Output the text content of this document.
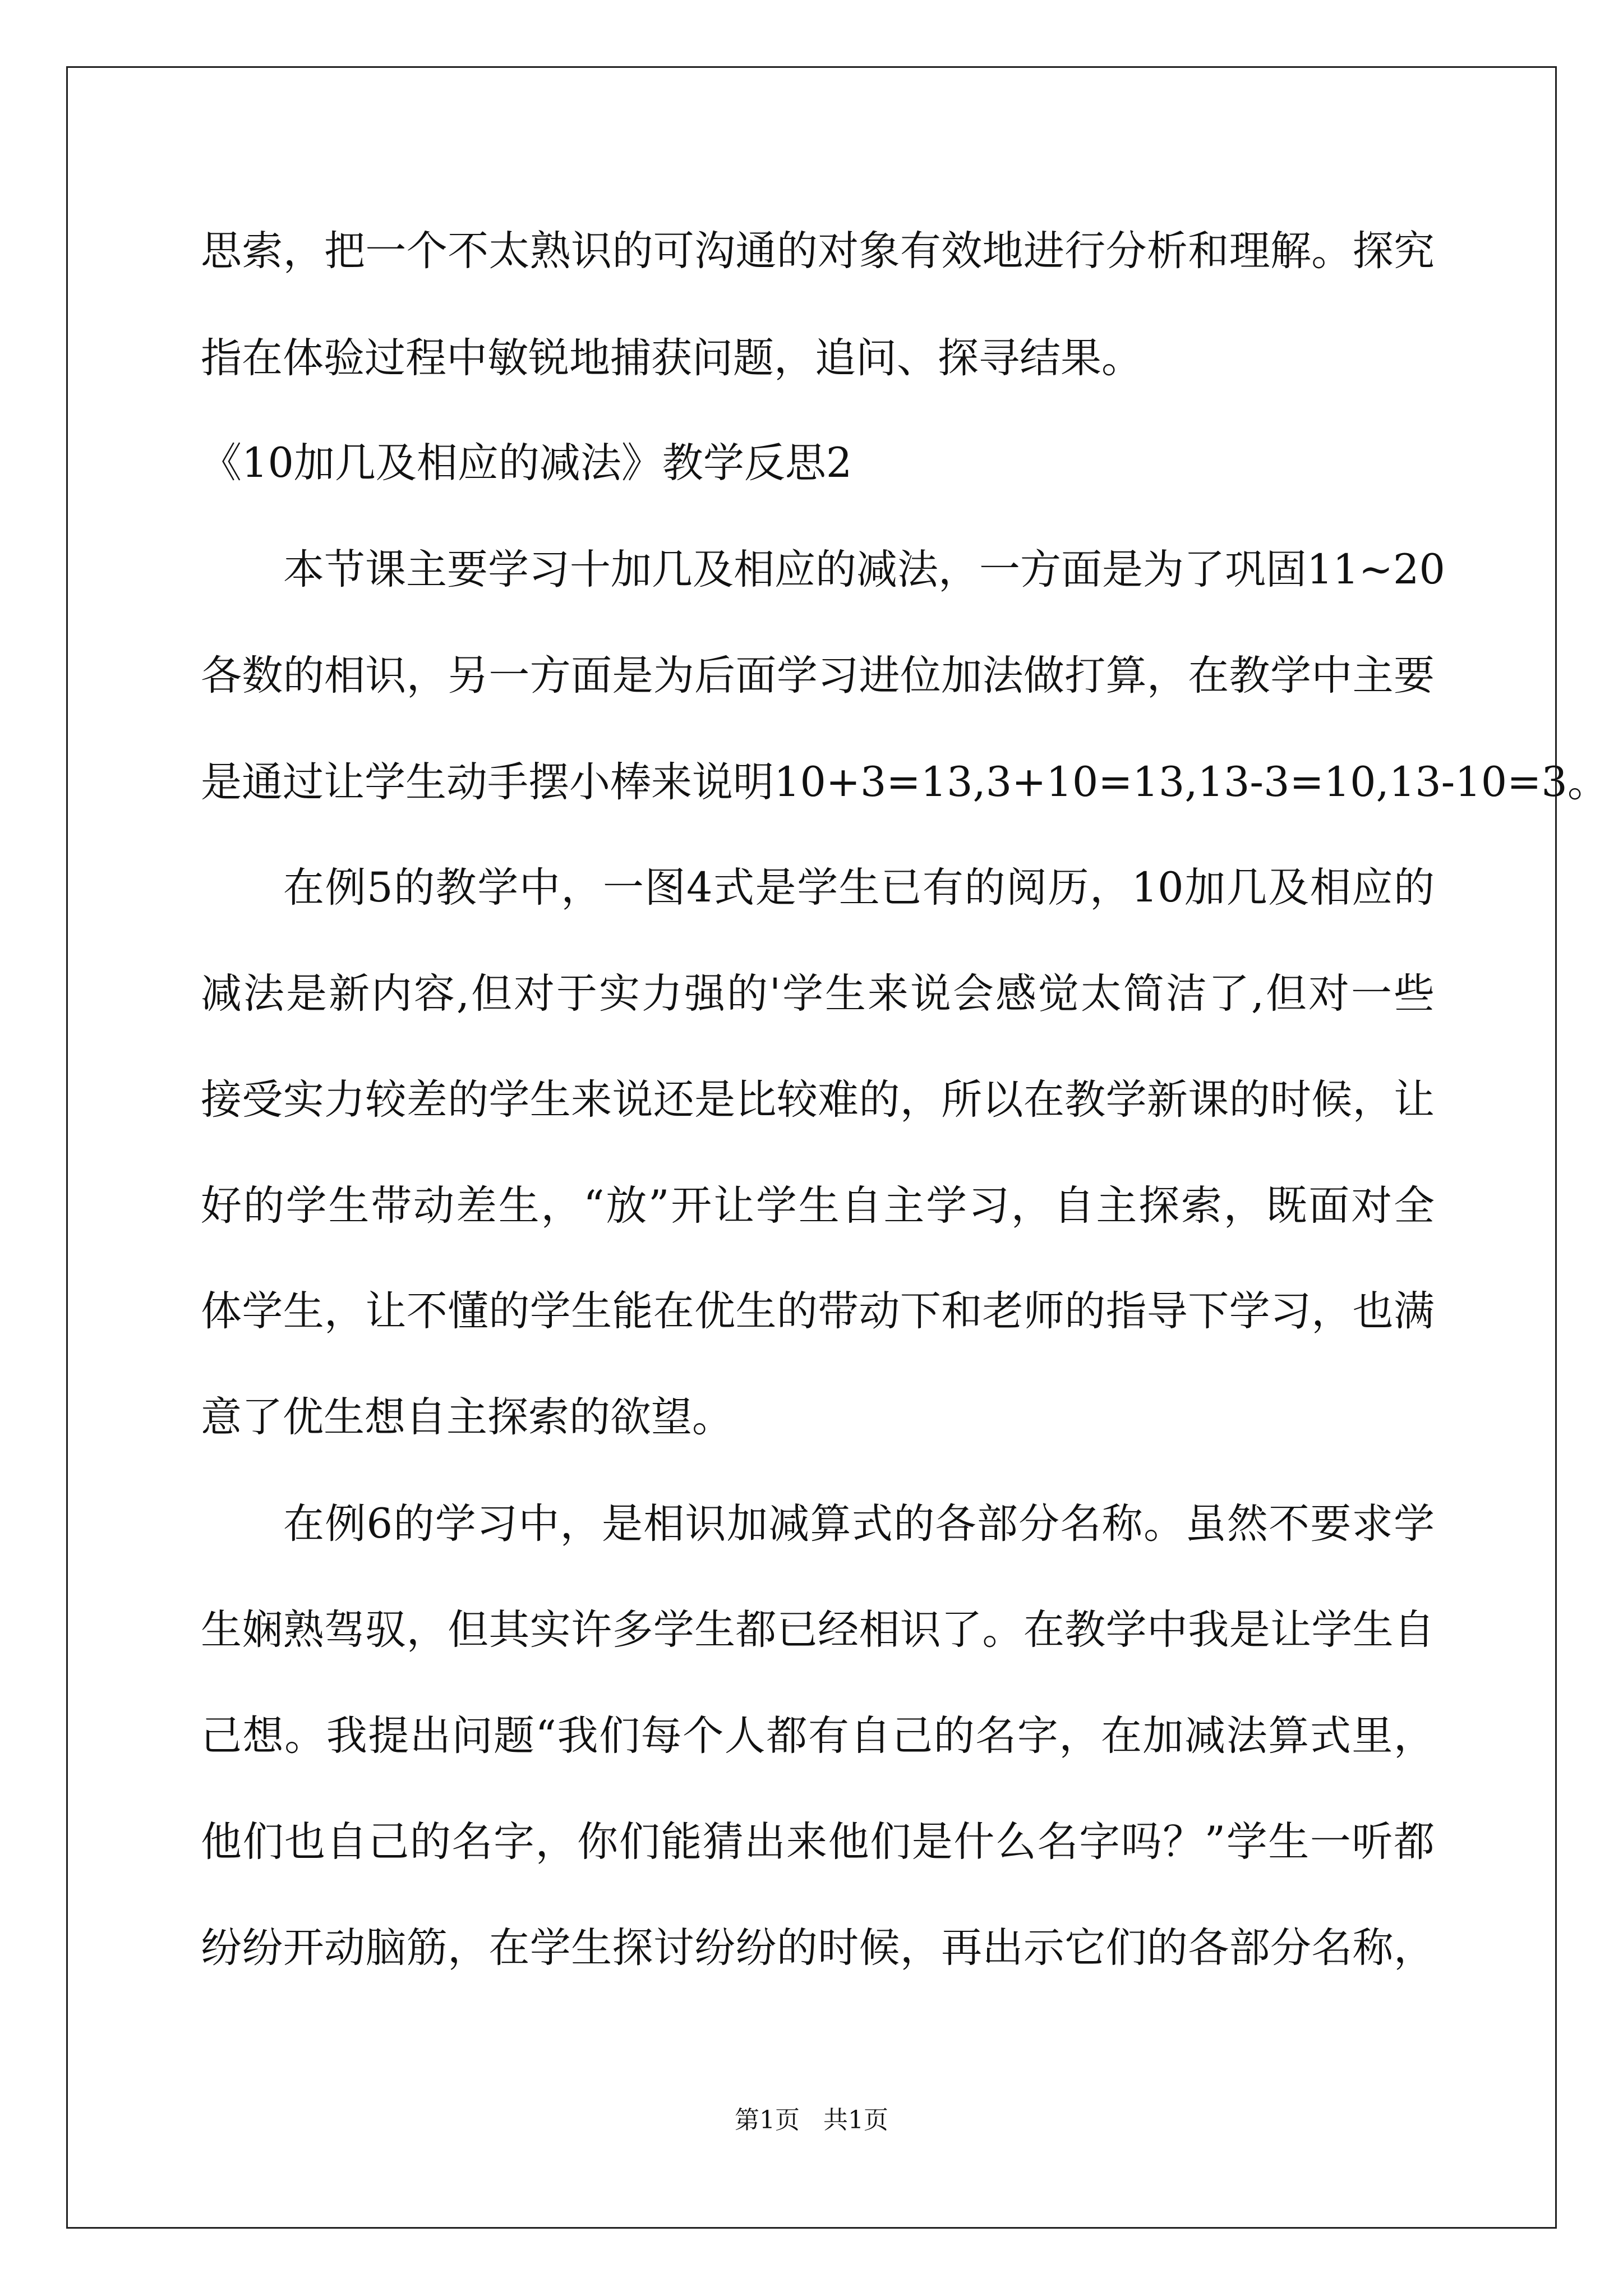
思索，把一个不太熟识的可沟通的对象有效地进行分析和理解。探究
指在体验过程中敏锐地捕获问题，追问、探寻结果。
《10加几及相应的减法》教学反思2
本节课主要学习十加几及相应的减法，一方面是为了巩固11~20
各数的相识，另一方面是为后面学习进位加法做打算，在教学中主要
是通过让学生动手摆小棒来说明10+3=13,3+10=13,13-3=10,13-10=3。
在例5的教学中，一图4式是学生已有的阅历，10加几及相应的
减法是新内容,但对于实力强的'学生来说会感觉太简洁了,但对一些
接受实力较差的学生来说还是比较难的，所以在教学新课的时候，让
好的学生带动差生，“放”开让学生自主学习，自主探索，既面对全
体学生，让不懂的学生能在优生的带动下和老师的指导下学习，也满
意了优生想自主探索的欲望。
在例6的学习中，是相识加减算式的各部分名称。虽然不要求学
生娴熟驾驭，但其实许多学生都已经相识了。在教学中我是让学生自
己想。我提出问题“我们每个人都有自己的名字，在加减法算式里，
他们也自己的名字，你们能猜出来他们是什么名字吗？”学生一听都
纷纷开动脑筋，在学生探讨纷纷的时候，再出示它们的各部分名称，
第1页 共1页
